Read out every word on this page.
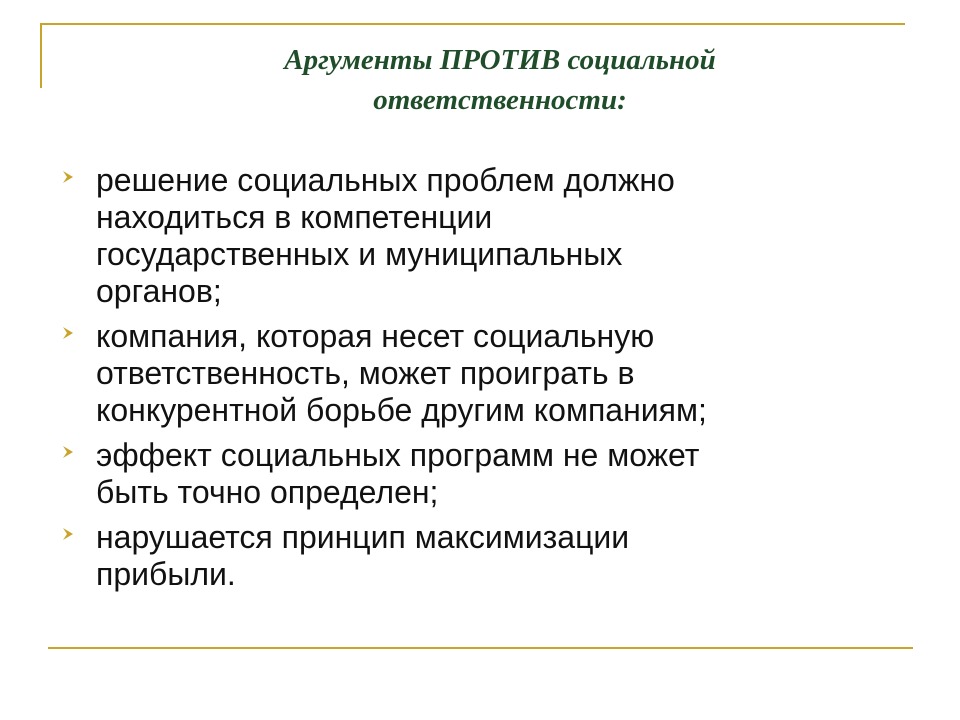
Аргументы ПРОТИВ социальной
ответственности:
решение социальных проблем должно
находиться в компетенции
государственных и муниципальных
органов;
компания, которая несет социальную
ответственность, может проиграть в
конкурентной борьбе другим компаниям;
эффект социальных программ не может
быть точно определен;
нарушается принцип максимизации
прибыли.
